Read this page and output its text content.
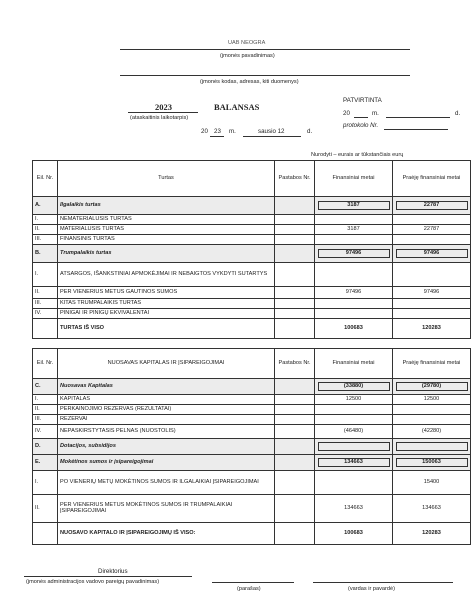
UAB NEOGRA
(įmonės pavadinimas)
(įmonės kodas, adresas, kiti duomenys)
PATVIRTINTA
20	m.	d.
protokolo Nr.
2023	BALANSAS
(ataskaitinis laikotarpis)
20 23 m.	sausio 12	d.
Nurodyti – eurais ar tūkstančiais eurų
Eil. Nr.	Turtas	Pastabos Nr.	Finansiniai metai	Praėję finansiniai metai
A.	Ilgalaikis turtas		3187	22787
I.	NEMATERIALUSIS TURTAS			
II.	MATERIALUSIS TURTAS		3187	22787
III.	FINANSINIS TURTAS			
B.	Trumpalaikis turtas		97496	97496
I.	ATSARGOS, IŠANKSTINIAI APMOKĖJIMAI IR NEBAIGTOS VYKDYTI SUTARTYS			
II.	PER VIENERIUS METUS GAUTINOS SUMOS		97496	97496
III.	KITAS TRUMPALAIKIS TURTAS			
IV.	PINIGAI IR PINIGŲ EKVIVALENTAI			
	TURTAS IŠ VISO		100683	120283
Eil. Nr.	NUOSAVAS KAPITALAS IR ĮSIPAREIGOJIMAI	Pastabos Nr.	Finansiniai metai	Praėję finansiniai metai
C.	Nuosavas Kapitalas		(33880)	(29780)
I.	KAPITALAS		12500	12500
II.	PERKAINOJIMO REZERVAS (REZULTATAI)			
III.	REZERVAI			
IV.	NEPASKIRSTYTASIS PELNAS (NUOSTOLIS)		(46480)	(42280)
D.	Dotacijos, subsidijos			
E.	Mokėtinos sumos ir įsipareigojimai		134663	150063
I.	PO VIENERIŲ METŲ MOKĖTINOS SUMOS IR ILGALAIKIAI ĮSIPAREIGOJIMAI			15400
II.	PER VIENERIUS METUS MOKĖTINOS SUMOS IR TRUMPALAIKIAI ĮSIPAREIGOJIMAI		134663	134663
	NUOSAVO KAPITALO IR ĮSIPAREIGOJIMŲ IŠ VISO:		100683	120283
Direktorius
(įmonės administracijos vadovo pareigų pavadinimas)
(parašas)	(vardas ir pavardė)
